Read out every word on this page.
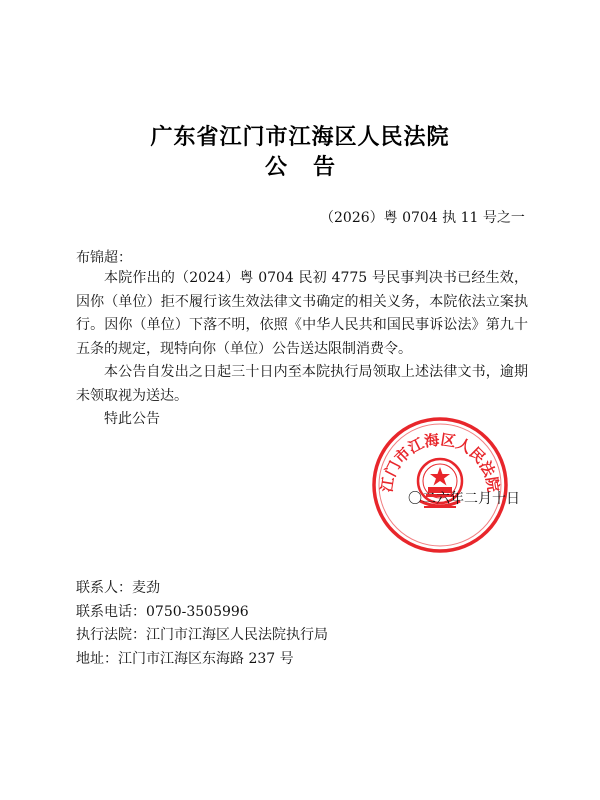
广东省江门市江海区人民法院
公告
（2026）粤 0704 执 11 号之一
布锦超：

本院作出的（2024）粤 0704 民初 4775 号民事判决书已经生效，因你（单位）拒不履行该生效法律文书确定的相关义务，本院依法立案执行。因你（单位）下落不明，依照《中华人民共和国民事诉讼法》第九十五条的规定，现特向你（单位）公告送达限制消费令。

本公告自发出之日起三十日内至本院执行局领取上述法律文书，逾期未领取视为送达。

特此公告

江门市江海区人民法院
〇二六年二月十日
联系人：麦劲
联系电话：0750-3505996
执行法院：江门市江海区人民法院执行局
地址：江门市江海区东海路 237 号
